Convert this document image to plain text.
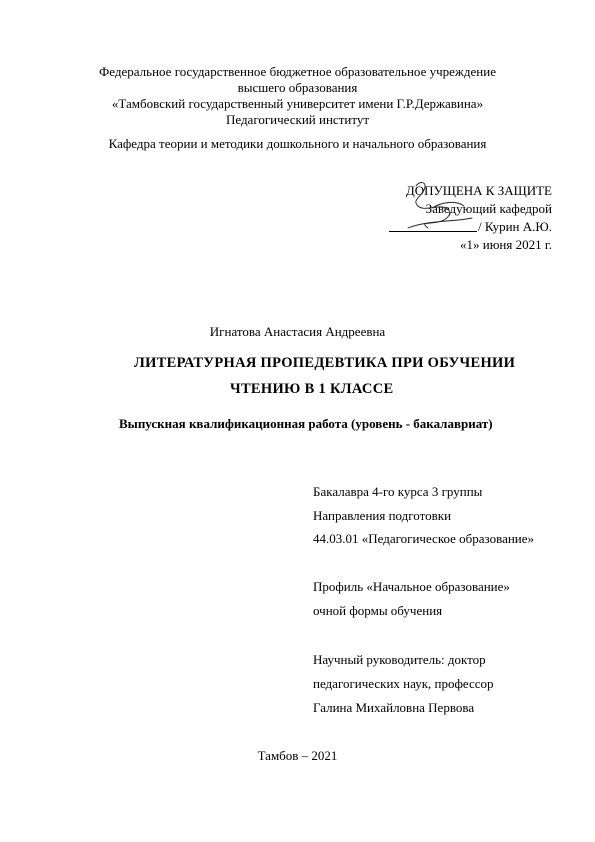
Федеральное государственное бюджетное образовательное учреждение
высшего образования
«Тамбовский государственный университет имени Г.Р.Державина»
Педагогический институт
Кафедра теории и методики дошкольного и начального образования
ДОПУЩЕНА К ЗАЩИТЕ
Заведующий кафедрой
/ Курин А.Ю.
«1» июня 2021 г.
Игнатова Анастасия Андреевна
ЛИТЕРАТУРНАЯ ПРОПЕДЕВТИКА ПРИ ОБУЧЕНИИ
ЧТЕНИЮ В 1 КЛАССЕ
Выпускная квалификационная работа (уровень - бакалавриат)
Бакалавра 4-го курса 3 группы
Направления подготовки
44.03.01 «Педагогическое образование»
Профиль «Начальное образование»
очной формы обучения
Научный руководитель: доктор
педагогических наук, профессор
Галина Михайловна Первова
Тамбов – 2021
